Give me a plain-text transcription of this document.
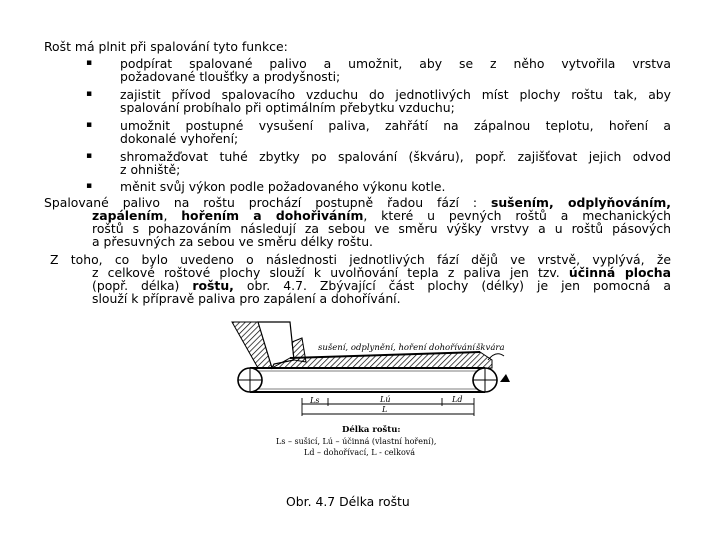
Rošt má plnit při spalování tyto funkce:
▪ podpírat spalované palivo a umožnit, aby se z něho vytvořila vrstva
požadované tloušťky a prodyšnosti;
▪ zajistit přívod spalovacího vzduchu do jednotlivých míst plochy roštu tak, aby
spalování probíhalo při optimálním přebytku vzduchu;
▪ umožnit postupné vysušení paliva, zahřátí na zápalnou teplotu, hoření a
dokonalé vyhoření;
▪ shromažďovat tuhé zbytky po spalování (škváru), popř. zajišťovat jejich odvod
z ohniště;
▪ měnit svůj výkon podle požadovaného výkonu kotle.
Spalované palivo na roštu prochází postupně řadou fází : sušením, odplyňováním,
zapálením, hořením a dohořiváním, které u pevných roštů a mechanických
roštů s pohazováním následují za sebou ve směru výšky vrstvy a u roštů pásových
a přesuvných za sebou ve směru délky roštu.
Z toho, co bylo uvedeno o následnosti jednotlivých fází dějů ve vrstvě, vyplývá, že
z celkové roštové plochy slouží k uvolňování tepla z paliva jen tzv. účinná plocha
(popř. délka) roštu, obr. 4.7. Zbývající část plochy (délky) je jen pomocná a
slouží k přípravě paliva pro zapálení a dohořívání.
sušení, odplynění, hoření dohořívání škvára
Ls	Lú	Ld
L
Délka roštu:
Ls – sušicí, Lú – účinná (vlastní hoření),
Ld – dohořívací, L - celková
Obr. 4.7 Délka roštu
